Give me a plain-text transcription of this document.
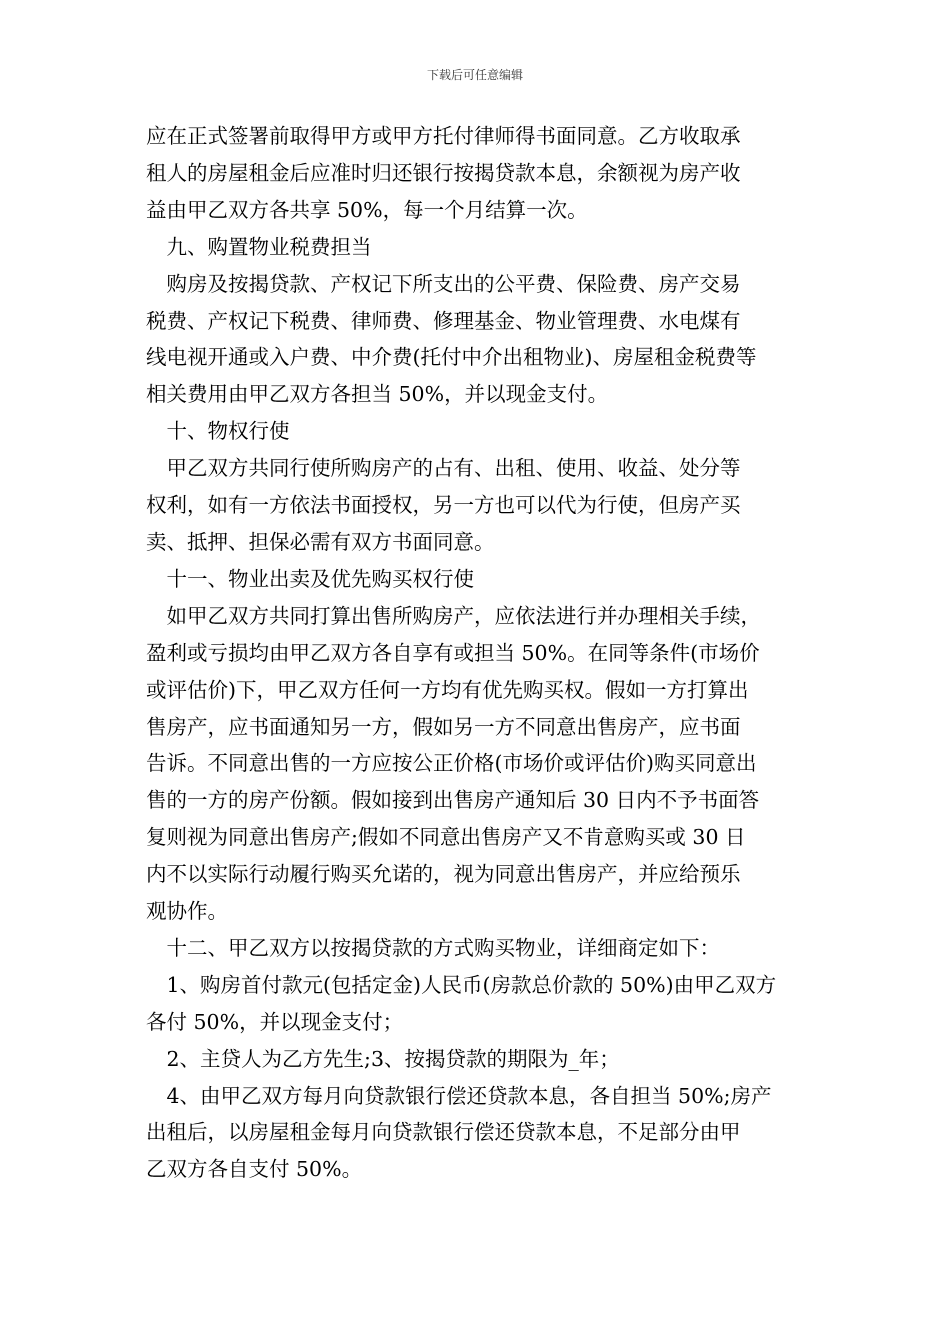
下载后可任意编辑
应在正式签署前取得甲方或甲方托付律师得书面同意。乙方收取承
租人的房屋租金后应准时归还银行按揭贷款本息，余额视为房产收
益由甲乙双方各共享 50%，每一个月结算一次。
　九、购置物业税费担当
　购房及按揭贷款、产权记下所支出的公平费、保险费、房产交易
税费、产权记下税费、律师费、修理基金、物业管理费、水电煤有
线电视开通或入户费、中介费(托付中介出租物业)、房屋租金税费等
相关费用由甲乙双方各担当 50%，并以现金支付。
　十、物权行使
　甲乙双方共同行使所购房产的占有、出租、使用、收益、处分等
权利，如有一方依法书面授权，另一方也可以代为行使，但房产买
卖、抵押、担保必需有双方书面同意。
　十一、物业出卖及优先购买权行使
　如甲乙双方共同打算出售所购房产，应依法进行并办理相关手续，
盈利或亏损均由甲乙双方各自享有或担当 50%。在同等条件(市场价
或评估价)下，甲乙双方任何一方均有优先购买权。假如一方打算出
售房产，应书面通知另一方，假如另一方不同意出售房产，应书面
告诉。不同意出售的一方应按公正价格(市场价或评估价)购买同意出
售的一方的房产份额。假如接到出售房产通知后 30 日内不予书面答
复则视为同意出售房产;假如不同意出售房产又不肯意购买或 30 日
内不以实际行动履行购买允诺的，视为同意出售房产，并应给预乐
观协作。
　十二、甲乙双方以按揭贷款的方式购买物业，详细商定如下：
　1、购房首付款元(包括定金)人民币(房款总价款的 50%)由甲乙双方
各付 50%，并以现金支付；
　2、主贷人为乙方先生;3、按揭贷款的期限为_年；
　4、由甲乙双方每月向贷款银行偿还贷款本息，各自担当 50%;房产
出租后，以房屋租金每月向贷款银行偿还贷款本息，不足部分由甲
乙双方各自支付 50%。
